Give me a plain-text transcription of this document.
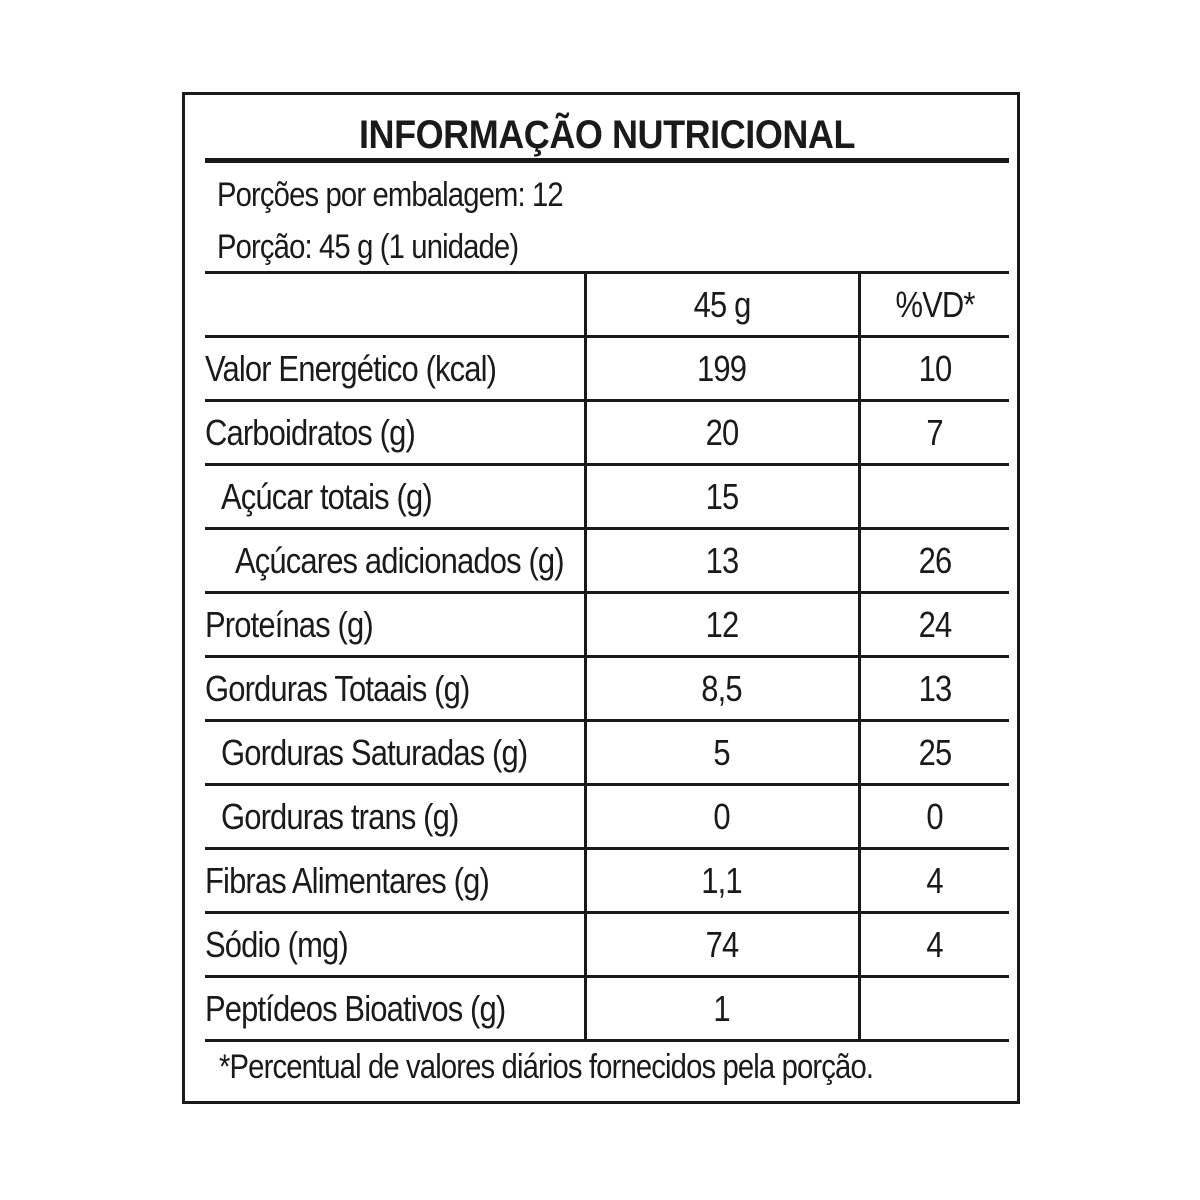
INFORMAÇÃO NUTRICIONAL
Porções por embalagem: 12
Porção: 45 g (1 unidade)
	45 g	%VD*
Valor Energético (kcal)	199	10
Carboidratos (g)	20	7
Açúcar totais (g)	15	
Açúcares adicionados (g)	13	26
Proteínas (g)	12	24
Gorduras Totaais (g)	8,5	13
Gorduras Saturadas (g)	5	25
Gorduras trans (g)	0	0
Fibras Alimentares (g)	1,1	4
Sódio (mg)	74	4
Peptídeos Bioativos (g)	1	
*Percentual de valores diários fornecidos pela porção.
